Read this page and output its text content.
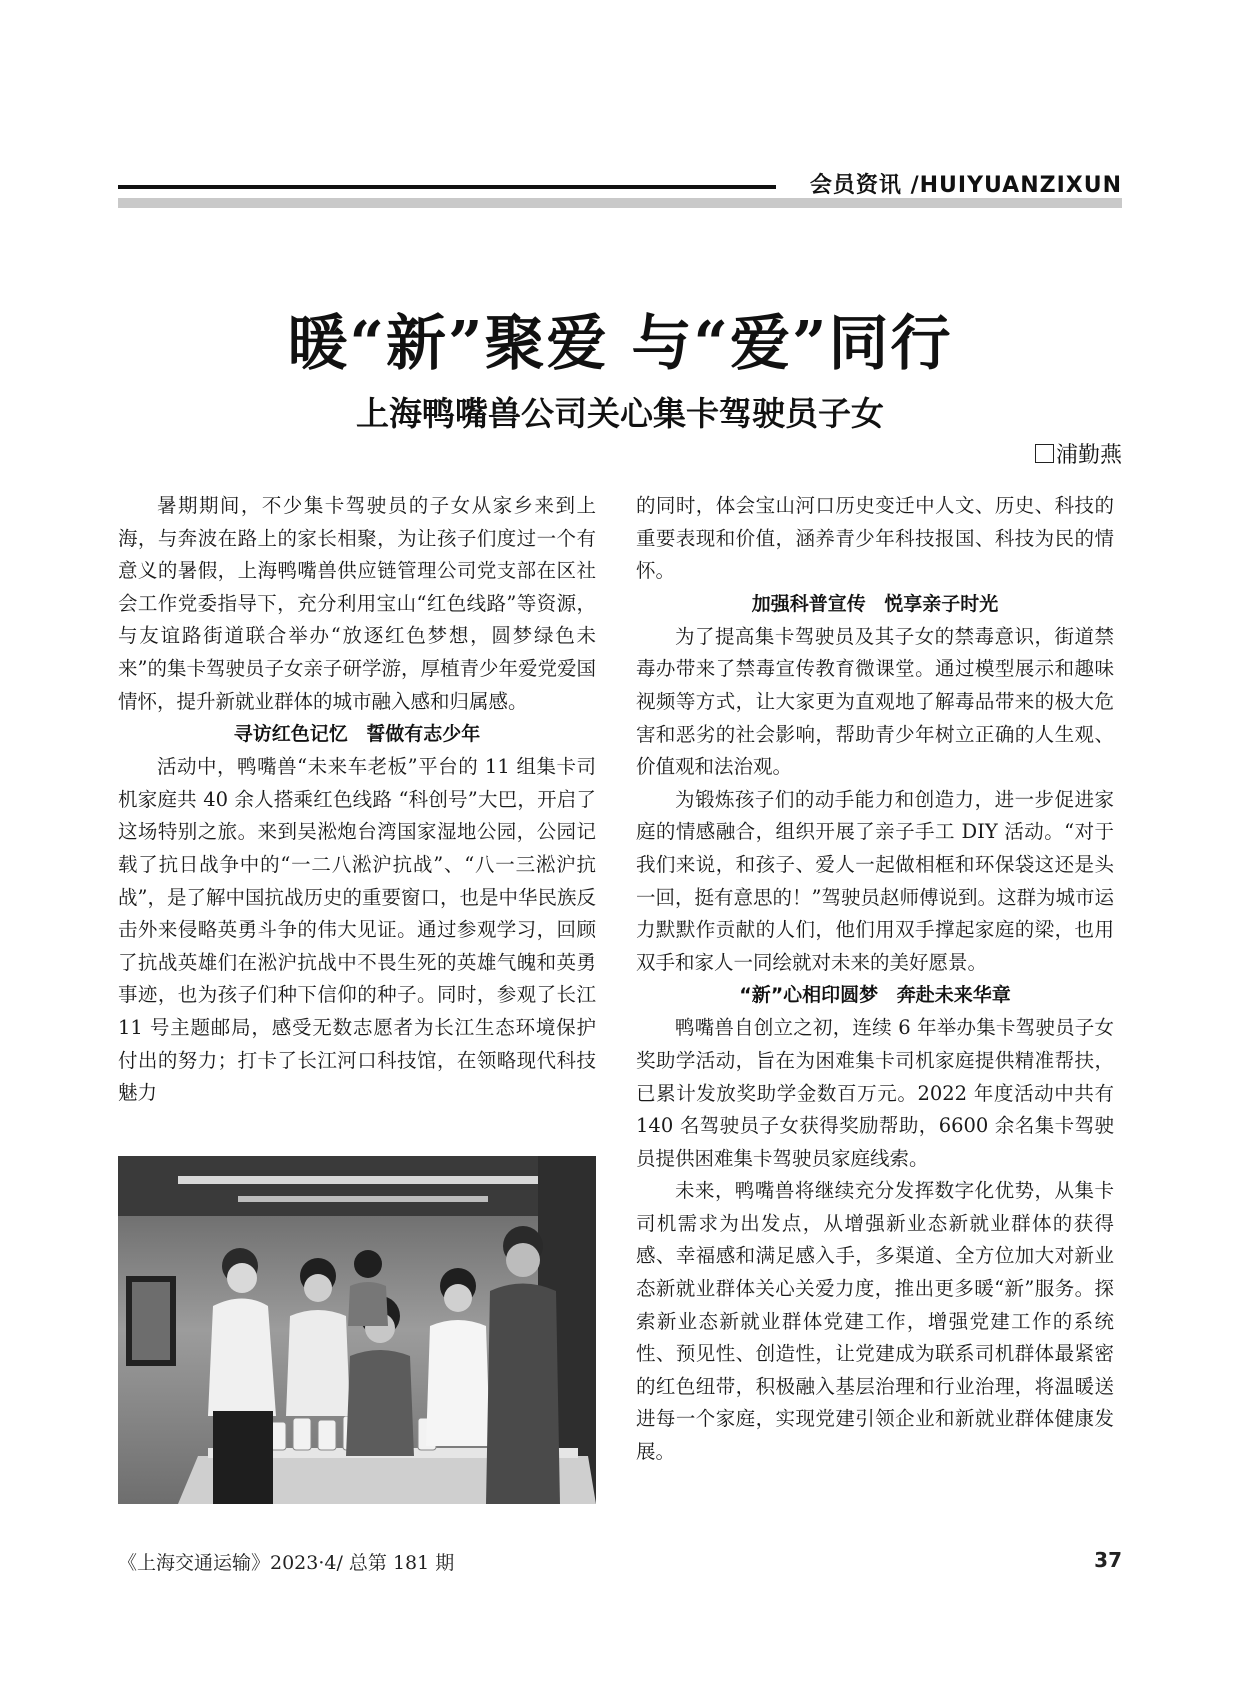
会员资讯 /HUIYUANZIXUN
暖“新”聚爱 与“爱”同行
上海鸭嘴兽公司关心集卡驾驶员子女
浦勤燕

暑期期间，不少集卡驾驶员的子女从家乡来到上海，与奔波在路上的家长相聚，为让孩子们度过一个有意义的暑假，上海鸭嘴兽供应链管理公司党支部在区社会工作党委指导下，充分利用宝山“红色线路”等资源，与友谊路街道联合举办“放逐红色梦想，圆梦绿色未来”的集卡驾驶员子女亲子研学游，厚植青少年爱党爱国情怀，提升新就业群体的城市融入感和归属感。

寻访红色记忆 誓做有志少年

活动中，鸭嘴兽“未来车老板”平台的 11 组集卡司机家庭共 40 余人搭乘红色线路 “科创号”大巴，开启了这场特别之旅。来到吴淞炮台湾国家湿地公园，公园记载了抗日战争中的“一二八淞沪抗战”、“八一三淞沪抗战”，是了解中国抗战历史的重要窗口，也是中华民族反击外来侵略英勇斗争的伟大见证。通过参观学习，回顾了抗战英雄们在淞沪抗战中不畏生死的英雄气魄和英勇事迹，也为孩子们种下信仰的种子。同时，参观了长江 11 号主题邮局，感受无数志愿者为长江生态环境保护付出的努力；打卡了长江河口科技馆，在领略现代科技魅力

的同时，体会宝山河口历史变迁中人文、历史、科技的重要表现和价值，涵养青少年科技报国、科技为民的情怀。

加强科普宣传 悦享亲子时光

为了提高集卡驾驶员及其子女的禁毒意识，街道禁毒办带来了禁毒宣传教育微课堂。通过模型展示和趣味视频等方式，让大家更为直观地了解毒品带来的极大危害和恶劣的社会影响，帮助青少年树立正确的人生观、价值观和法治观。

为锻炼孩子们的动手能力和创造力，进一步促进家庭的情感融合，组织开展了亲子手工 DIY 活动。“对于我们来说，和孩子、爱人一起做相框和环保袋这还是头一回，挺有意思的！”驾驶员赵师傅说到。这群为城市运力默默作贡献的人们，他们用双手撑起家庭的梁，也用双手和家人一同绘就对未来的美好愿景。

“新”心相印圆梦 奔赴未来华章

鸭嘴兽自创立之初，连续 6 年举办集卡驾驶员子女奖助学活动，旨在为困难集卡司机家庭提供精准帮扶，已累计发放奖助学金数百万元。2022 年度活动中共有 140 名驾驶员子女获得奖励帮助，6600 余名集卡驾驶员提供困难集卡驾驶员家庭线索。

未来，鸭嘴兽将继续充分发挥数字化优势，从集卡司机需求为出发点，从增强新业态新就业群体的获得感、幸福感和满足感入手，多渠道、全方位加大对新业态新就业群体关心关爱力度，推出更多暖“新”服务。探索新业态新就业群体党建工作，增强党建工作的系统性、预见性、创造性，让党建成为联系司机群体最紧密的红色纽带，积极融入基层治理和行业治理，将温暖送进每一个家庭，实现党建引领企业和新就业群体健康发展。

《上海交通运输》2023·4/ 总第 181 期	37
